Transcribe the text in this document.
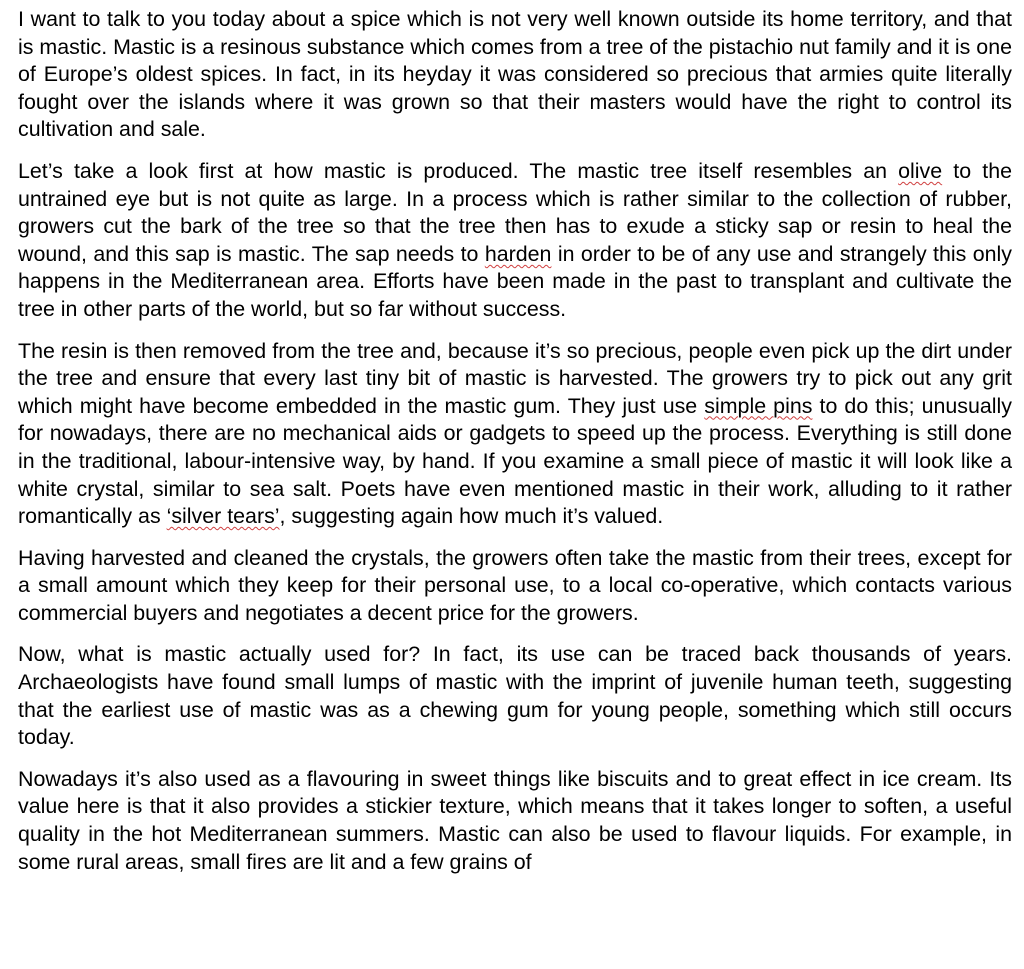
I want to talk to you today about a spice which is not very well known outside its home territory, and that is mastic. Mastic is a resinous substance which comes from a tree of the pistachio nut family and it is one of Europe’s oldest spices. In fact, in its heyday it was considered so precious that armies quite literally fought over the islands where it was grown so that their masters would have the right to control its cultivation and sale.

Let’s take a look first at how mastic is produced. The mastic tree itself resembles an olive to the untrained eye but is not quite as large. In a process which is rather similar to the collection of rubber, growers cut the bark of the tree so that the tree then has to exude a sticky sap or resin to heal the wound, and this sap is mastic. The sap needs to harden in order to be of any use and strangely this only happens in the Mediterranean area. Efforts have been made in the past to transplant and cultivate the tree in other parts of the world, but so far without success.

The resin is then removed from the tree and, because it’s so precious, people even pick up the dirt under the tree and ensure that every last tiny bit of mastic is harvested. The growers try to pick out any grit which might have become embedded in the mastic gum. They just use simple pins to do this; unusually for nowadays, there are no mechanical aids or gadgets to speed up the process. Everything is still done in the traditional, labour-intensive way, by hand. If you examine a small piece of mastic it will look like a white crystal, similar to sea salt. Poets have even mentioned mastic in their work, alluding to it rather romantically as ‘silver tears’, suggesting again how much it’s valued.

Having harvested and cleaned the crystals, the growers often take the mastic from their trees, except for a small amount which they keep for their personal use, to a local co-operative, which contacts various commercial buyers and negotiates a decent price for the growers.

Now, what is mastic actually used for? In fact, its use can be traced back thousands of years. Archaeologists have found small lumps of mastic with the imprint of juvenile human teeth, suggesting that the earliest use of mastic was as a chewing gum for young people, something which still occurs today.

Nowadays it’s also used as a flavouring in sweet things like biscuits and to great effect in ice cream. Its value here is that it also provides a stickier texture, which means that it takes longer to soften, a useful quality in the hot Mediterranean summers. Mastic can also be used to flavour liquids. For example, in some rural areas, small fires are lit and a few grains of
